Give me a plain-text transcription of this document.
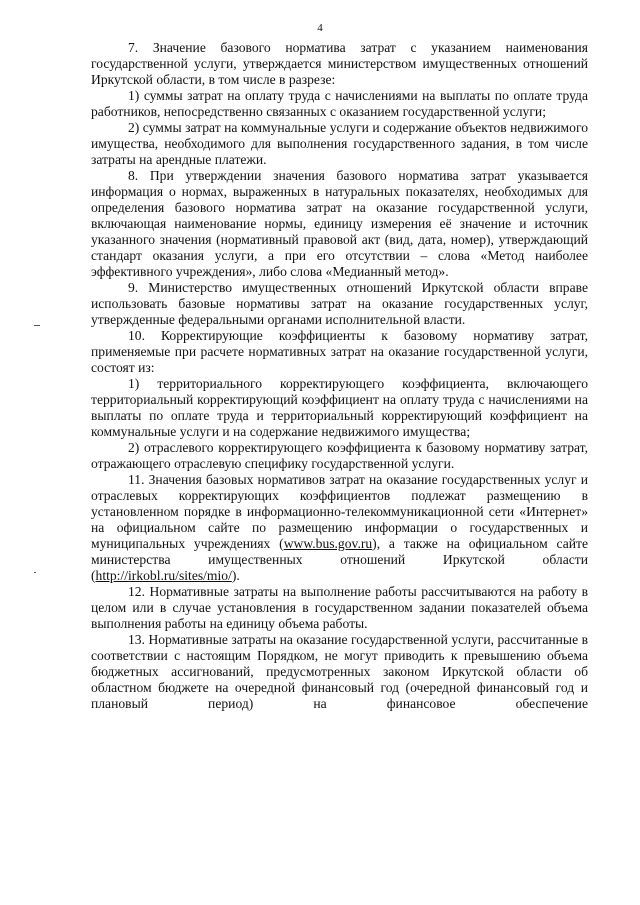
4

7. Значение базового норматива затрат с указанием наименования государственной услуги, утверждается министерством имущественных отношений Иркутской области, в том числе в разрезе:

1) суммы затрат на оплату труда с начислениями на выплаты по оплате труда работников, непосредственно связанных с оказанием государственной услуги;

2) суммы затрат на коммунальные услуги и содержание объектов недвижимого имущества, необходимого для выполнения государственного задания, в том числе затраты на арендные платежи.

8. При утверждении значения базового норматива затрат указывается информация о нормах, выраженных в натуральных показателях, необходимых для определения базового норматива затрат на оказание государственной услуги, включающая наименование нормы, единицу измерения её значение и источник указанного значения (нормативный правовой акт (вид, дата, номер), утверждающий стандарт оказания услуги, а при его отсутствии – слова «Метод наиболее эффективного учреждения», либо слова «Медианный метод».

9. Министерство имущественных отношений Иркутской области вправе использовать базовые нормативы затрат на оказание государственных услуг, утвержденные федеральными органами исполнительной власти.

10. Корректирующие коэффициенты к базовому нормативу затрат, применяемые при расчете нормативных затрат на оказание государственной услуги, состоят из:

1) территориального корректирующего коэффициента, включающего территориальный корректирующий коэффициент на оплату труда с начислениями на выплаты по оплате труда и территориальный корректирующий коэффициент на коммунальные услуги и на содержание недвижимого имущества;

2) отраслевого корректирующего коэффициента к базовому нормативу затрат, отражающего отраслевую специфику государственной услуги.

11. Значения базовых нормативов затрат на оказание государственных услуг и отраслевых корректирующих коэффициентов подлежат размещению в установленном порядке в информационно-телекоммуникационной сети «Интернет» на официальном сайте по размещению информации о государственных и муниципальных учреждениях (www.bus.gov.ru), а также на официальном сайте министерства имущественных отношений Иркутской области (http://irkobl.ru/sites/mio/).

12. Нормативные затраты на выполнение работы рассчитываются на работу в целом или в случае установления в государственном задании показателей объема выполнения работы на единицу объема работы.

13. Нормативные затраты на оказание государственной услуги, рассчитанные в соответствии с настоящим Порядком, не могут приводить к превышению объема бюджетных ассигнований, предусмотренных законом Иркутской области об областном бюджете на очередной финансовый год (очередной финансовый год и плановый период) на финансовое обеспечение
